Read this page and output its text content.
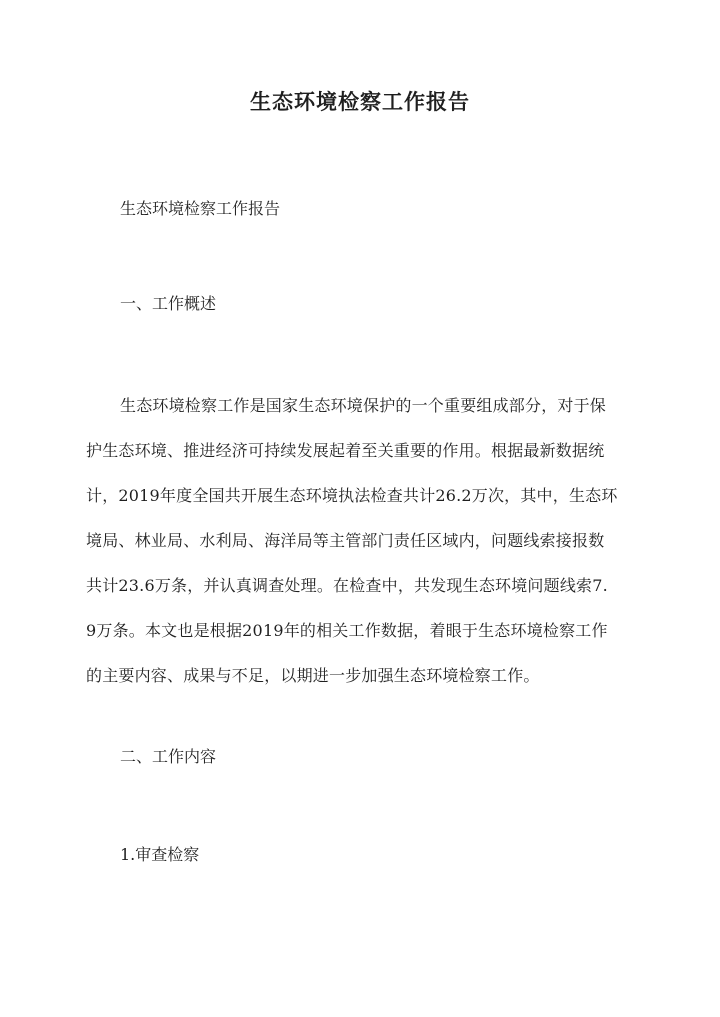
生态环境检察工作报告

生态环境检察工作报告

一、工作概述

生态环境检察工作是国家生态环境保护的一个重要组成部分，对于保
护生态环境、推进经济可持续发展起着至关重要的作用。根据最新数据统
计，2019年度全国共开展生态环境执法检查共计26.2万次，其中，生态环
境局、林业局、水利局、海洋局等主管部门责任区域内，问题线索接报数
共计23.6万条，并认真调查处理。在检查中，共发现生态环境问题线索7.
9万条。本文也是根据2019年的相关工作数据，着眼于生态环境检察工作
的主要内容、成果与不足，以期进一步加强生态环境检察工作。

二、工作内容

1.审查检察
